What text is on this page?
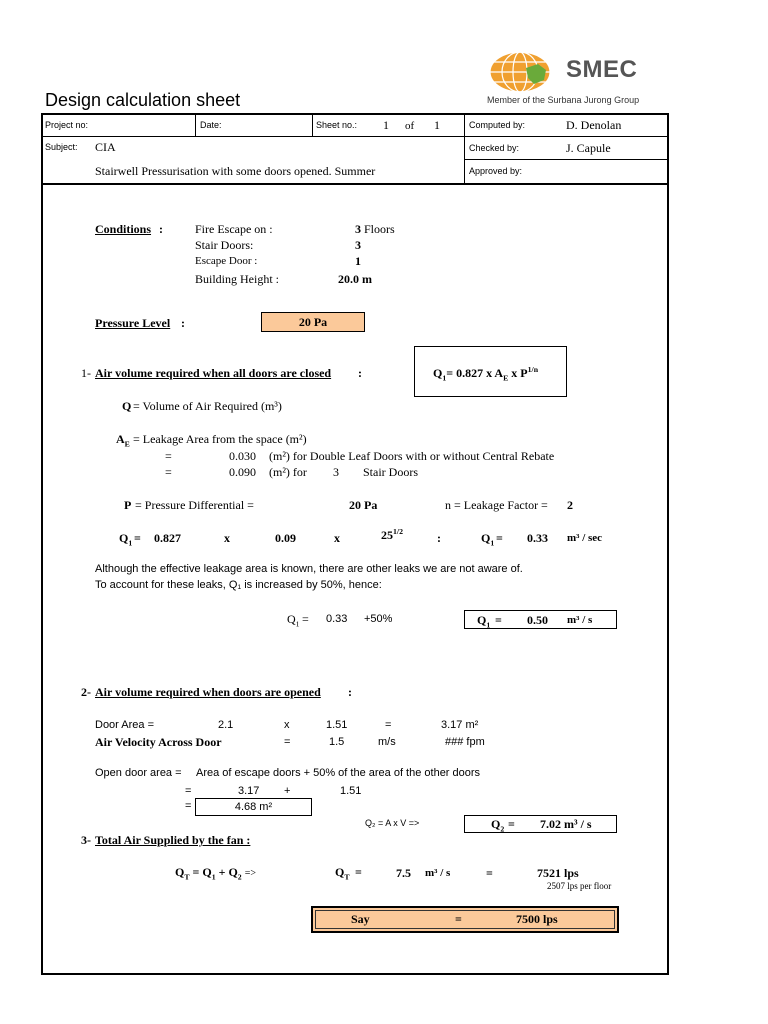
SMEC
Member of the Surbana Jurong Group
Design calculation sheet
Project no:	Date:	Sheet no.: 1 of 1	Computed by:	D. Denolan
Subject: CIA	Checked by:	J. Capule
Stairwell Pressurisation with some doors opened. Summer	Approved by:
Conditions :	Fire Escape on :	3 Floors
Stair Doors:	3
Escape Door :	1
Building Height :	20.0 m
Pressure Level :	20 Pa
1- Air volume required when all doors are closed :	$Q_1= 0.827$ x $A_E$ x $P^{1/n}$
Q = Volume of Air Required (m³)
$A_E$ = Leakage Area from the space (m²)
=	0.030 (m²) for Double Leaf Doors with or without Central Rebate
=	0.090 (m²) for 3 Stair Doors
P = Pressure Differential =	20 Pa	n = Leakage Factor = 2
$Q_1 = 0.827$	x	0.09	x	$25^{1/2}$	:	$Q_1 = 0.33$ m³ / sec
Although the effective leakage area is known, there are other leaks we are not aware of.
To account for these leaks, Q₁ is increased by 50%, hence:
$Q_1 = 0.33 +50\%$	$Q_1 = 0.50$ m³ / s
2- Air volume required when doors are opened :
Door Area =	2.1	x	1.51	=	3.17 m²
Air Velocity Across Door	=	1.5	m/s	### fpm
Open door area = Area of escape doors + 50% of the area of the other doors
=	3.17 +	1.51
=	4.68 m²
Q₂ = A x V =>	$Q_2 = 7.02$ m³ / s
3- Total Air Supplied by the fan :
$Q_T = Q_1 + Q_2$ =>	$Q_T$ =	7.5 m³ / s	=	7521 lps
2507 lps per floor
Say	=	7500 lps
